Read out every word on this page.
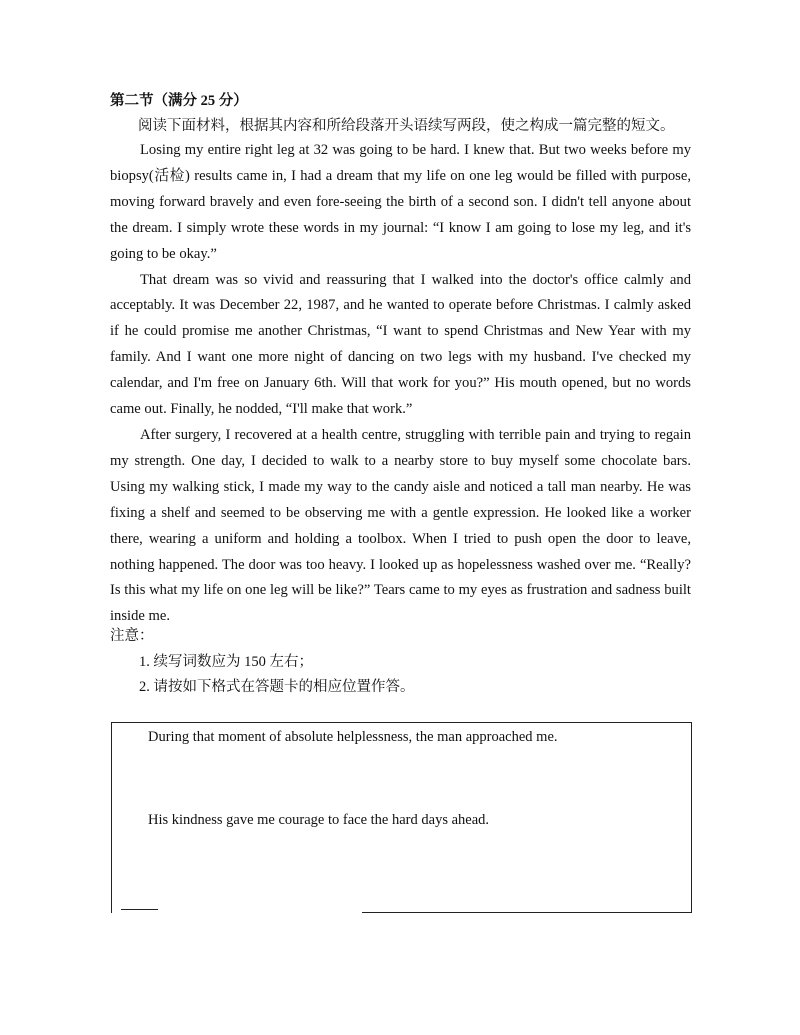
第二节（满分 25 分）
阅读下面材料，根据其内容和所给段落开头语续写两段，使之构成一篇完整的短文。

Losing my entire right leg at 32 was going to be hard. I knew that. But two weeks before my biopsy(活检) results came in, I had a dream that my life on one leg would be filled with purpose, moving forward bravely and even fore-seeing the birth of a second son. I didn't tell anyone about the dream. I simply wrote these words in my journal: “I know I am going to lose my leg, and it's going to be okay.”

That dream was so vivid and reassuring that I walked into the doctor's office calmly and acceptably. It was December 22, 1987, and he wanted to operate before Christmas. I calmly asked if he could promise me another Christmas, “I want to spend Christmas and New Year with my family. And I want one more night of dancing on two legs with my husband. I've checked my calendar, and I'm free on January 6th. Will that work for you?” His mouth opened, but no words came out. Finally, he nodded, “I'll make that work.”

After surgery, I recovered at a health centre, struggling with terrible pain and trying to regain my strength. One day, I decided to walk to a nearby store to buy myself some chocolate bars. Using my walking stick, I made my way to the candy aisle and noticed a tall man nearby. He was fixing a shelf and seemed to be observing me with a gentle expression. He looked like a worker there, wearing a uniform and holding a toolbox. When I tried to push open the door to leave, nothing happened. The door was too heavy. I looked up as hopelessness washed over me. “Really? Is this what my life on one leg will be like?” Tears came to my eyes as frustration and sadness built inside me.

注意：
1. 续写词数应为 150 左右；
2. 请按如下格式在答题卡的相应位置作答。
During that moment of absolute helplessness, the man approached me.
His kindness gave me courage to face the hard days ahead.
